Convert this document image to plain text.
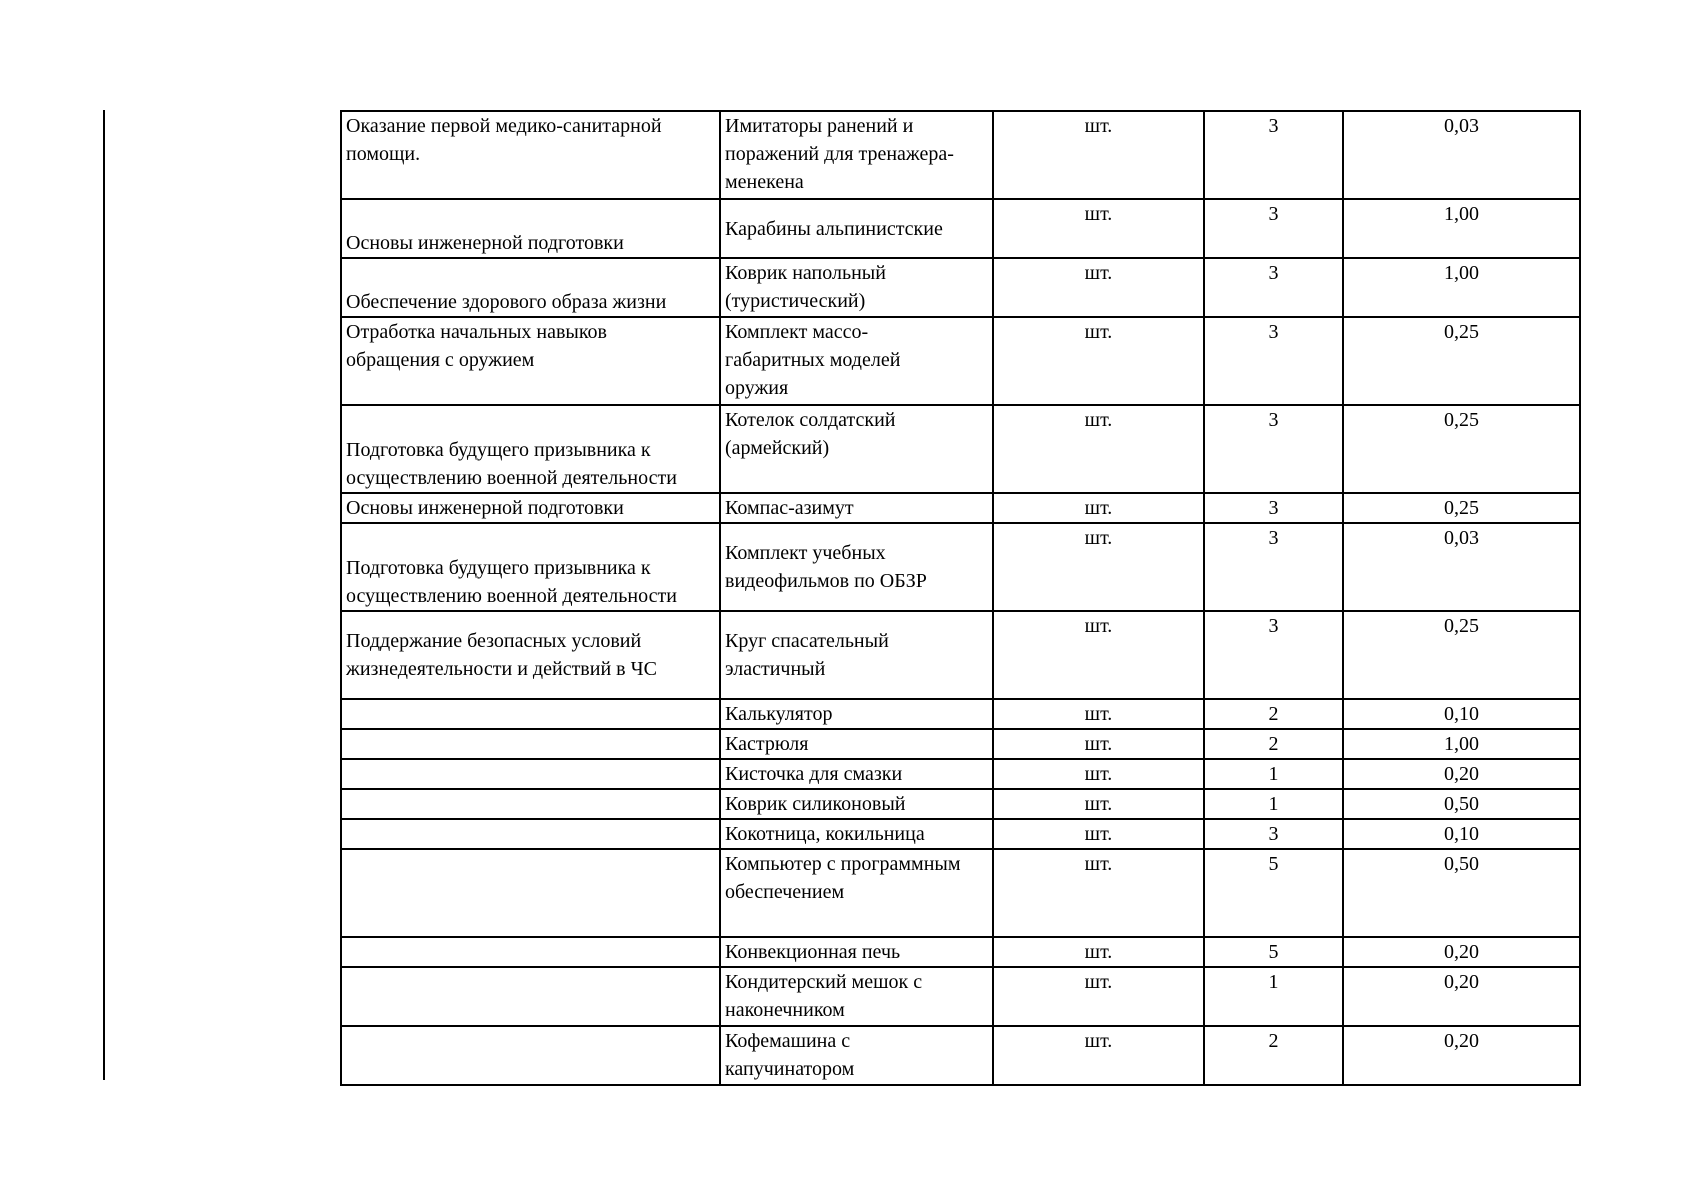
Оказание первой медико-санитарной
помощи.	Имитаторы ранений и
поражений для тренажера-
менекена	шт.	3	0,03

Основы инженерной подготовки	Карабины альпинистские	шт.	3	1,00

Обеспечение здорового образа жизни	Коврик напольный
(туристический)	шт.	3	1,00

Отработка начальных навыков
обращения с оружием	Комплект массо-
габаритных моделей
оружия	шт.	3	0,25

Подготовка будущего призывника к
осуществлению военной деятельности	Котелок солдатский
(армейский)	шт.	3	0,25

Основы инженерной подготовки	Компас-азимут	шт.	3	0,25

Подготовка будущего призывника к
осуществлению военной деятельности	Комплект учебных
видеофильмов по ОБЗР	шт.	3	0,03

Поддержание безопасных условий
жизнедеятельности и действий в ЧС	Круг спасательный
эластичный	шт.	3	0,25

	Калькулятор	шт.	2	0,10

	Кастрюля	шт.	2	1,00

	Кисточка для смазки	шт.	1	0,20

	Коврик силиконовый	шт.	1	0,50

	Кокотница, кокильница	шт.	3	0,10

	Компьютер с программным
обеспечением	шт.	5	0,50

	Конвекционная печь	шт.	5	0,20

	Кондитерский мешок с
наконечником	шт.	1	0,20

	Кофемашина с
капучинатором	шт.	2	0,20
